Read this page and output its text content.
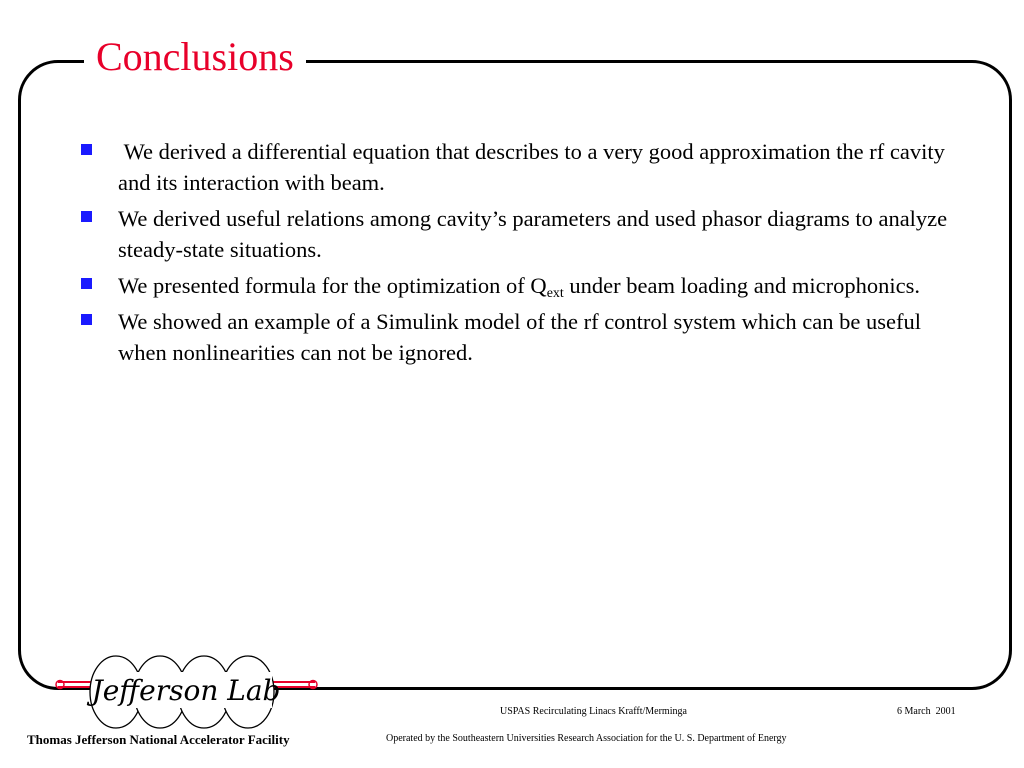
Conclusions
We derived a differential equation that describes to a very good approximation the rf cavity and its interaction with beam.
We derived useful relations among cavity’s parameters and used phasor diagrams to analyze steady-state situations.
We presented formula for the optimization of $Q_{ext}$ under beam loading and microphonics.
We showed an example of a Simulink model of the rf control system which can be useful when nonlinearities can not be ignored.
Jefferson Lab
Thomas Jefferson National Accelerator Facility
USPAS Recirculating Linacs Krafft/Merminga	6 March  2001
Operated by the Southeastern Universities Research Association for the U. S. Department of Energy
